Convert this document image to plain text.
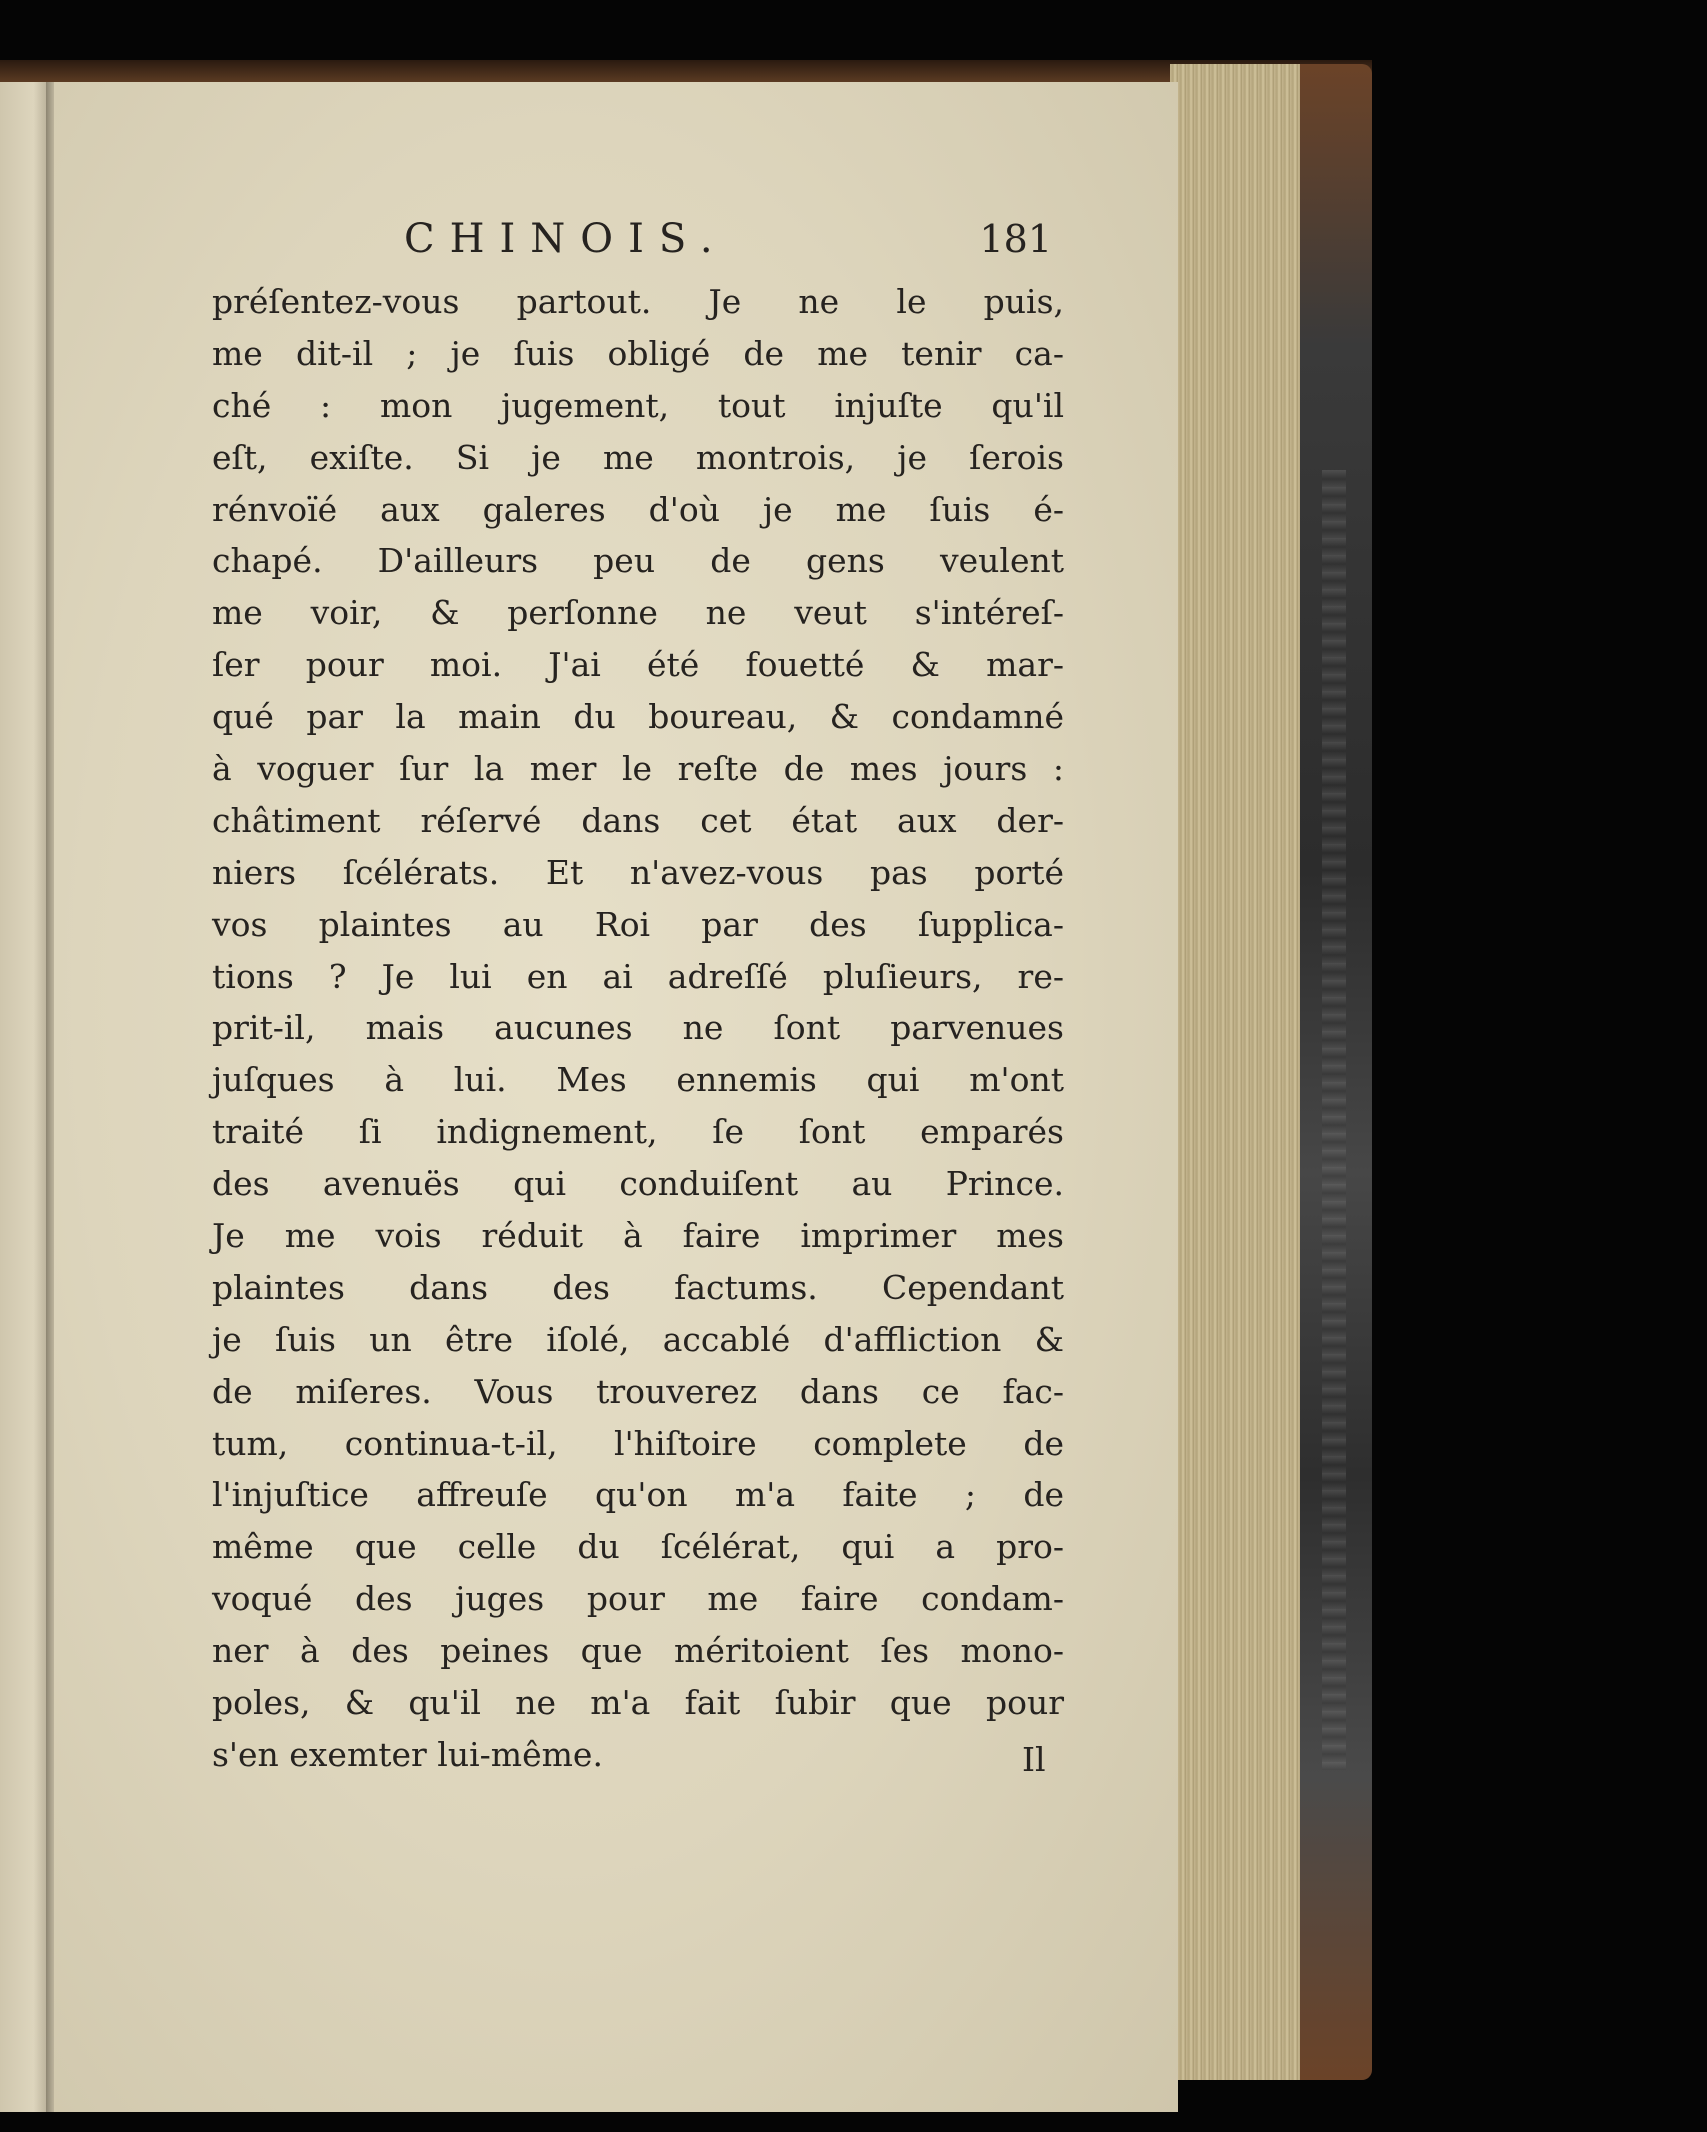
CHINOIS.	181
préſentez-vous partout. Je ne le puis,
me dit-il ; je ſuis obligé de me tenir ca-
ché : mon jugement, tout injuſte qu'il
eſt, exiſte. Si je me montrois, je ſerois
rénvoïé aux galeres d'où je me ſuis é-
chapé. D'ailleurs peu de gens veulent
me voir, & perſonne ne veut s'intéreſ-
ſer pour moi. J'ai été fouetté & mar-
qué par la main du boureau, & condamné
à voguer ſur la mer le reſte de mes jours :
châtiment réſervé dans cet état aux der-
niers ſcélérats. Et n'avez-vous pas porté
vos plaintes au Roi par des ſupplica-
tions ? Je lui en ai adreſſé pluſieurs, re-
prit-il, mais aucunes ne ſont parvenues
juſques à lui. Mes ennemis qui m'ont
traité ſi indignement, ſe ſont emparés
des avenuës qui conduiſent au Prince.
Je me vois réduit à faire imprimer mes
plaintes dans des factums. Cependant
je ſuis un être iſolé, accablé d'affliction &
de miſeres. Vous trouverez dans ce fac-
tum, continua-t-il, l'hiſtoire complete de
l'injuſtice affreuſe qu'on m'a faite ; de
même que celle du ſcélérat, qui a pro-
voqué des juges pour me faire condam-
ner à des peines que méritoient ſes mono-
poles, & qu'il ne m'a fait ſubir que pour
s'en exemter lui-même.	Il
